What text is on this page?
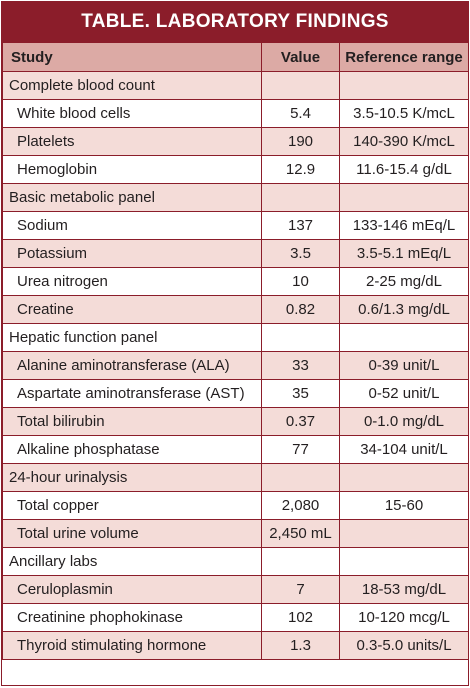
TABLE. LABORATORY FINDINGS
Study	Value	Reference range
Complete blood count		
White blood cells	5.4	3.5-10.5 K/mcL
Platelets	190	140-390 K/mcL
Hemoglobin	12.9	11.6-15.4 g/dL
Basic metabolic panel		
Sodium	137	133-146 mEq/L
Potassium	3.5	3.5-5.1 mEq/L
Urea nitrogen	10	2-25 mg/dL
Creatine	0.82	0.6/1.3 mg/dL
Hepatic function panel		
Alanine aminotransferase (ALA)	33	0-39 unit/L
Aspartate aminotransferase (AST)	35	0-52 unit/L
Total bilirubin	0.37	0-1.0 mg/dL
Alkaline phosphatase	77	34-104 unit/L
24-hour urinalysis		
Total copper	2,080	15-60
Total urine volume	2,450 mL	
Ancillary labs		
Ceruloplasmin	7	18-53 mg/dL
Creatinine phophokinase	102	10-120 mcg/L
Thyroid stimulating hormone	1.3	0.3-5.0 units/L
